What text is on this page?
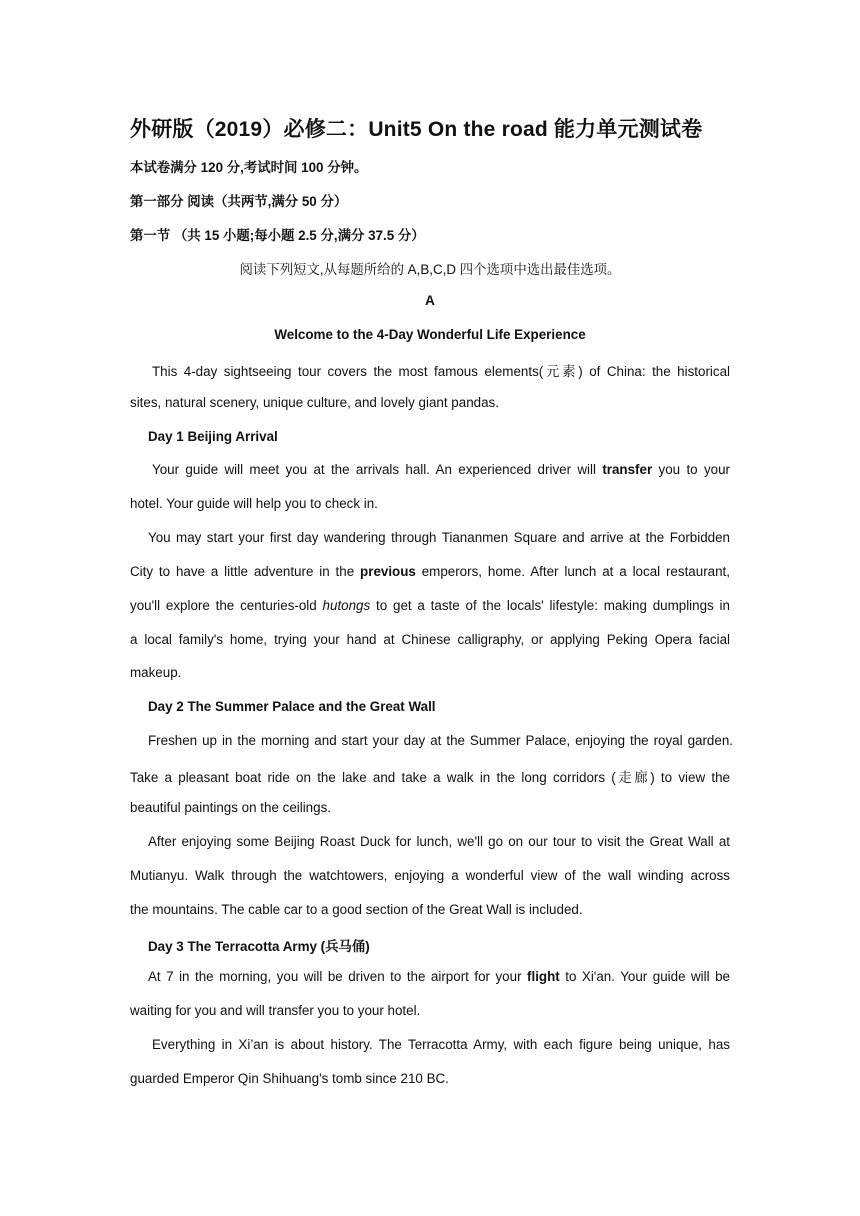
外研版（2019）必修二：Unit5 On the road 能力单元测试卷
本试卷满分 120 分,考试时间 100 分钟。
第一部分 阅读（共两节,满分 50 分）
第一节 （共 15 小题;每小题 2.5 分,满分 37.5 分）
阅读下列短文,从每题所给的 A,B,C,D 四个选项中选出最佳选项。
A
Welcome to the 4-Day Wonderful Life Experience
This 4-day sightseeing tour covers the most famous elements(元素) of China: the historical
sites, natural scenery, unique culture, and lovely giant pandas.
Day 1 Beijing Arrival
Your guide will meet you at the arrivals hall. An experienced driver will transfer you to your
hotel. Your guide will help you to check in.
You may start your first day wandering through Tiananmen Square and arrive at the Forbidden
City to have a little adventure in the previous emperors, home. After lunch at a local restaurant,
you'll explore the centuries-old hutongs to get a taste of the locals' lifestyle: making dumplings in
a local family's home, trying your hand at Chinese calligraphy, or applying Peking Opera facial
makeup.
Day 2 The Summer Palace and the Great Wall
Freshen up in the morning and start your day at the Summer Palace, enjoying the royal garden.
Take a pleasant boat ride on the lake and take a walk in the long corridors (走廊) to view the
beautiful paintings on the ceilings.
After enjoying some Beijing Roast Duck for lunch, we'll go on our tour to visit the Great Wall at
Mutianyu. Walk through the watchtowers, enjoying a wonderful view of the wall winding across
the mountains. The cable car to a good section of the Great Wall is included.
Day 3 The Terracotta Army (兵马俑)
At 7 in the morning, you will be driven to the airport for your flight to Xi'an. Your guide will be
waiting for you and will transfer you to your hotel.
Everything in Xi’an is about history. The Terracotta Army, with each figure being unique, has
guarded Emperor Qin Shihuang's tomb since 210 BC.
